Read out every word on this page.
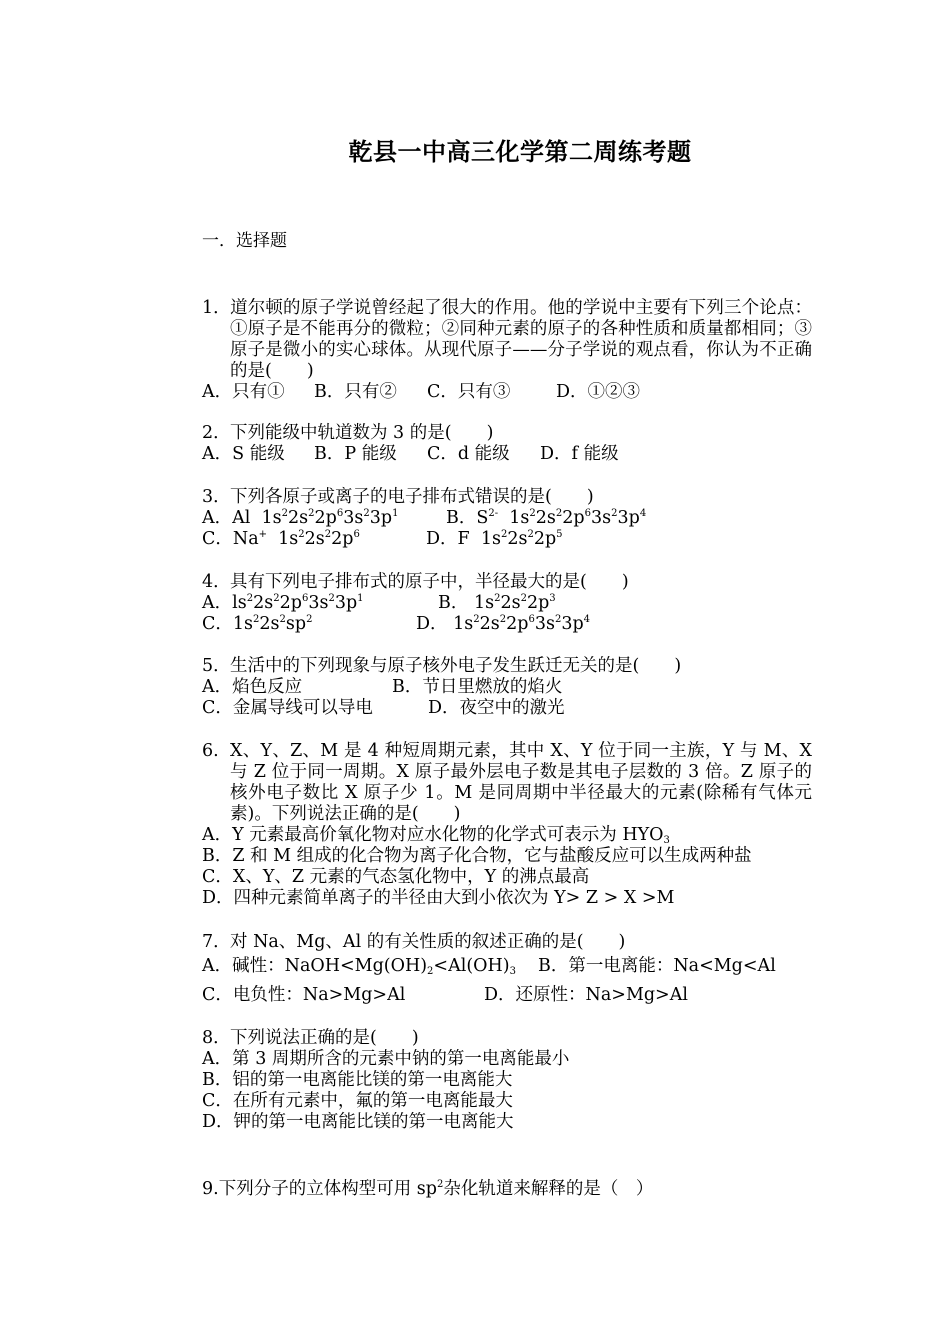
乾县一中高三化学第二周练考题
一．选择题
1．道尔顿的原子学说曾经起了很大的作用。他的学说中主要有下列三个论点：①原子是不能再分的微粒；②同种元素的原子的各种性质和质量都相同；③原子是微小的实心球体。从现代原子——分子学说的观点看，你认为不正确的是(　　)
A．只有① B．只有② C．只有③	D．①②③
2．下列能级中轨道数为 3 的是(　　)
A．S 能级 B．P 能级 C．d 能级 D．f 能级
3．下列各原子或离子的电子排布式错误的是(　　)
A．Al $1s^22s^22p^63s^23p^1$	B．$S^{2-}$ $1s^22s^22p^63s^23p^4$
C．Na+ $1s^22s^22p^6$	D．F $1s^22s^22p^5$
4．具有下列电子排布式的原子中，半径最大的是(　　)
A．$ls^22s^22p^63s^23p^1$	B． $1s^22s^22p^3$
C．$1s^22s^2sp^2$	D． $1s^22s^22p^63s^23p^4$
5．生活中的下列现象与原子核外电子发生跃迁无关的是(　　)
A．焰色反应	B．节日里燃放的焰火
C．金属导线可以导电	D．夜空中的激光
6.X、Y、Z、M 是 4 种短周期元素，其中 X、Y 位于同一主族，Y 与 M、X 与 Z 位于同一周期。X 原子最外层电子数是其电子层数的 3 倍。Z 原子的核外电子数比 X 原子少 1。M 是同周期中半径最大的元素(除稀有气体元素)。下列说法正确的是(　　)
A．Y 元素最高价氧化物对应水化物的化学式可表示为 $HYO_3$
B．Z 和 M 组成的化合物为离子化合物，它与盐酸反应可以生成两种盐
C．X、Y、Z 元素的气态氢化物中，Y 的沸点最高
D．四种元素简单离子的半径由大到小依次为 Y> Z > X >M
7．对 Na、Mg、Al 的有关性质的叙述正确的是(　　)
A．碱性：$NaOH<Mg(OH)_2<Al(OH)_3$ B．第一电离能：Na<Mg<Al
C．电负性：Na>Mg>Al	D．还原性：Na>Mg>Al
8．下列说法正确的是(　　)
A．第 3 周期所含的元素中钠的第一电离能最小
B．铝的第一电离能比镁的第一电离能大
C．在所有元素中，氟的第一电离能最大
D．钾的第一电离能比镁的第一电离能大
9.下列分子的立体构型可用 $sp^2$杂化轨道来解释的是（　）
